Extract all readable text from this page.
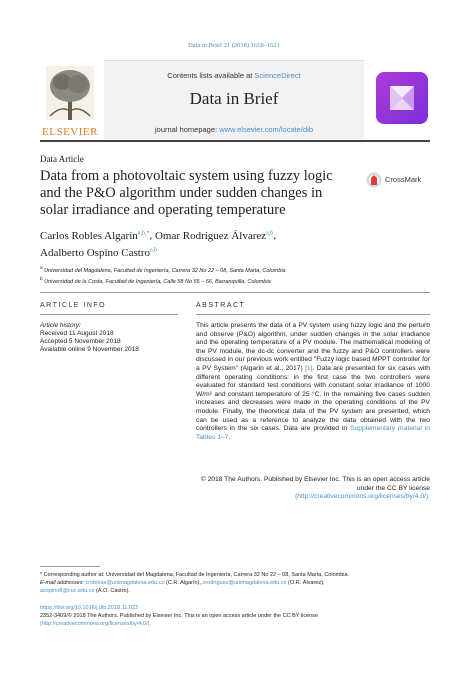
Data in Brief 21 (2018) 1618–1621
ELSEVIER
Contents lists available at ScienceDirect
Data in Brief
journal homepage: www.elsevier.com/locate/dib
Data Article
Data from a photovoltaic system using fuzzy logic and the P&O algorithm under sudden changes in solar irradiance and operating temperature
CrossMark
Carlos Robles Algarín$^{a,b,*}$, Omar Rodríguez Álvarez$^{a,b}$,
Adalberto Ospino Castro$^{a,b}$
$^a$ Universidad del Magdalena, Facultad de Ingeniería, Carrera 32 No 22 – 08, Santa Marta, Colombia
$^b$ Universidad de la Costa, Facultad de Ingeniería, Calle 58 No 55 – 66, Barranquilla, Colombia
ARTICLE INFO	ABSTRACT
Article history:
Received 11 August 2018
Accepted 5 November 2018
Available online 9 November 2018
This article presents the data of a PV system using fuzzy logic and the perturb and observe (P&O) algorithm, under sudden changes in the solar irradiance and the operating temperature of a PV module. The mathematical modeling of the PV module, the dc-dc converter and the fuzzy and P&O controllers were discussed in our previous work entitled "Fuzzy logic based MPPT controller for a PV System" (Algarín et al., 2017) [1]. Data are presented for six cases with different operating conditions: in the first case the two controllers were evaluated for standard test conditions with constant solar irradiance of 1000 W/m² and constant temperature of 25 °C. In the remaining five cases sudden increases and decreases were made in the operating conditions of the PV module. Finally, the theoretical data of the PV system are presented, which can be used as a reference to analyze the data obtained with the two controllers in the six cases. Data are provided in Supplementary material in Tables 1–7.
© 2018 The Authors. Published by Elsevier Inc. This is an open access article under the CC BY license
(http://creativecommons.org/licenses/by/4.0/).
* Corresponding author at: Universidad del Magdalena, Facultad de Ingeniería, Carrera 32 No 22 – 08, Santa Marta, Colombia.
E-mail addresses: croblesa@unimagdalena.edu.co (C.R. Algarín), orodriguez@unimagdalena.edu.co (O.R. Álvarez),
aospino8@cuc.edu.co (A.O. Castro).
https://doi.org/10.1016/j.dib.2018.11.023
2352-3409/© 2018 The Authors. Published by Elsevier Inc. This is an open access article under the CC BY license
(http://creativecommons.org/licenses/by/4.0/).
